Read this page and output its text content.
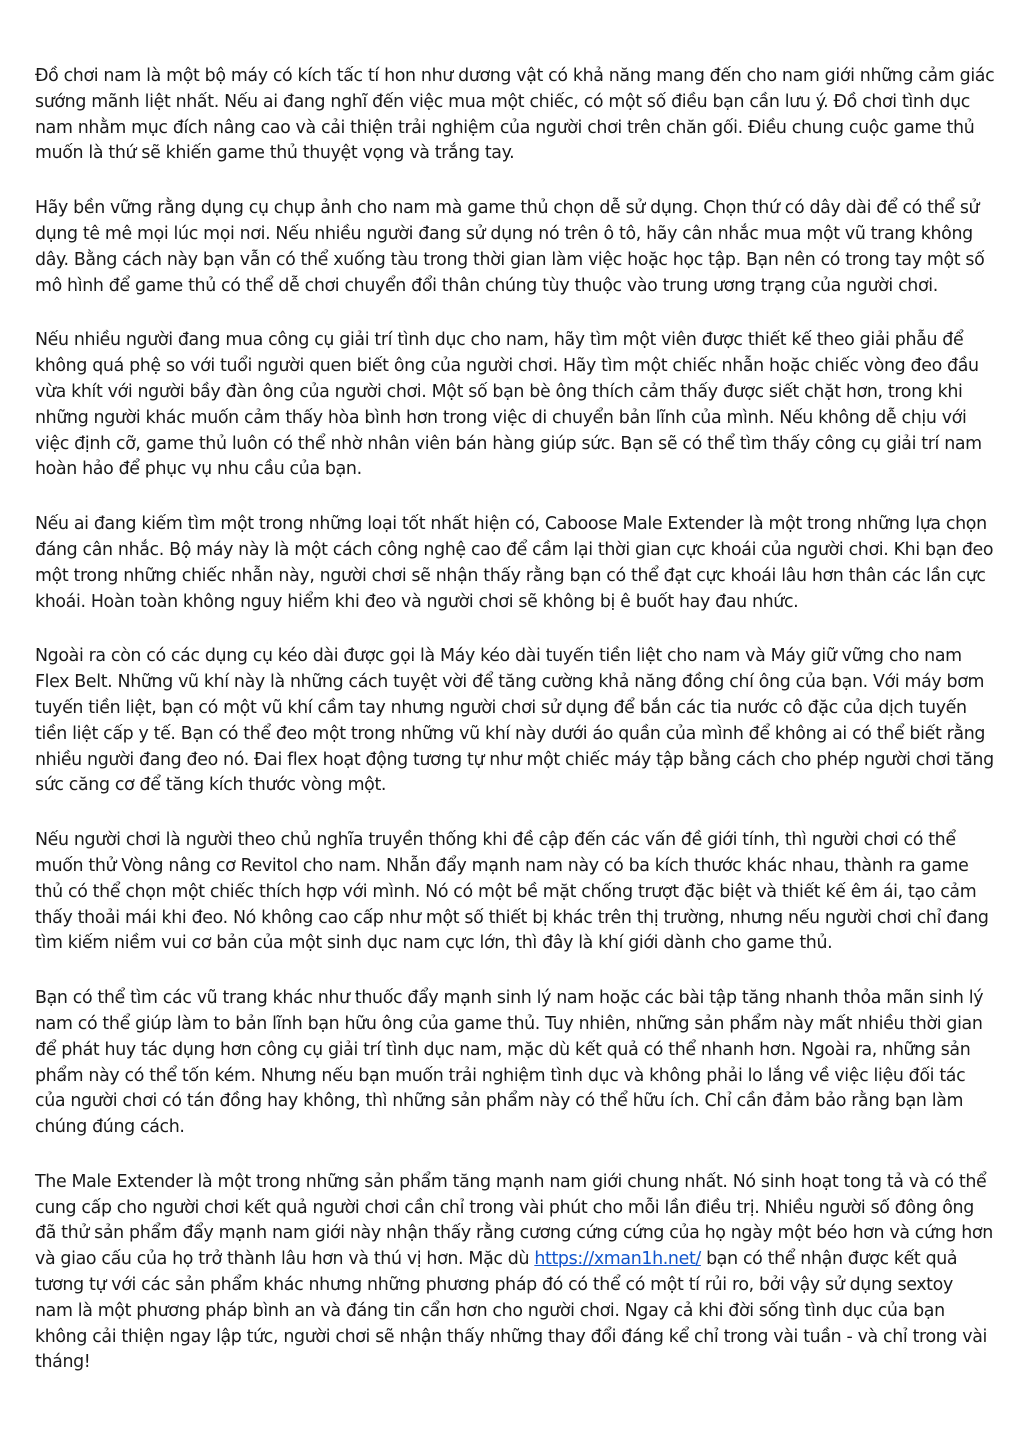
Đồ chơi nam là một bộ máy có kích tấc tí hon như dương vật có khả năng mang đến cho nam giới những cảm giác sướng mãnh liệt nhất. Nếu ai đang nghĩ đến việc mua một chiếc, có một số điều bạn cần lưu ý. Đồ chơi tình dục nam nhằm mục đích nâng cao và cải thiện trải nghiệm của người chơi trên chăn gối. Điều chung cuộc game thủ muốn là thứ sẽ khiến game thủ thuyệt vọng và trắng tay.

Hãy bền vững rằng dụng cụ chụp ảnh cho nam mà game thủ chọn dễ sử dụng. Chọn thứ có dây dài để có thể sử dụng tê mê mọi lúc mọi nơi. Nếu nhiều người đang sử dụng nó trên ô tô, hãy cân nhắc mua một vũ trang không dây. Bằng cách này bạn vẫn có thể xuống tàu trong thời gian làm việc hoặc học tập. Bạn nên có trong tay một số mô hình để game thủ có thể dễ chơi chuyển đổi thân chúng tùy thuộc vào trung ương trạng của người chơi.

Nếu nhiều người đang mua công cụ giải trí tình dục cho nam, hãy tìm một viên được thiết kế theo giải phẫu để không quá phệ so với tuổi người quen biết ông của người chơi. Hãy tìm một chiếc nhẫn hoặc chiếc vòng đeo đầu vừa khít với người bầy đàn ông của người chơi. Một số bạn bè ông thích cảm thấy được siết chặt hơn, trong khi những người khác muốn cảm thấy hòa bình hơn trong việc di chuyển bản lĩnh của mình. Nếu không dễ chịu với việc định cỡ, game thủ luôn có thể nhờ nhân viên bán hàng giúp sức. Bạn sẽ có thể tìm thấy công cụ giải trí nam hoàn hảo để phục vụ nhu cầu của bạn.

Nếu ai đang kiếm tìm một trong những loại tốt nhất hiện có, Caboose Male Extender là một trong những lựa chọn đáng cân nhắc. Bộ máy này là một cách công nghệ cao để cầm lại thời gian cực khoái của người chơi. Khi bạn đeo một trong những chiếc nhẫn này, người chơi sẽ nhận thấy rằng bạn có thể đạt cực khoái lâu hơn thân các lần cực khoái. Hoàn toàn không nguy hiểm khi đeo và người chơi sẽ không bị ê buốt hay đau nhức.

Ngoài ra còn có các dụng cụ kéo dài được gọi là Máy kéo dài tuyến tiền liệt cho nam và Máy giữ vững cho nam Flex Belt. Những vũ khí này là những cách tuyệt vời để tăng cường khả năng đồng chí ông của bạn. Với máy bơm tuyến tiền liệt, bạn có một vũ khí cầm tay nhưng người chơi sử dụng để bắn các tia nước cô đặc của dịch tuyến tiền liệt cấp y tế. Bạn có thể đeo một trong những vũ khí này dưới áo quần của mình để không ai có thể biết rằng nhiều người đang đeo nó. Đai flex hoạt động tương tự như một chiếc máy tập bằng cách cho phép người chơi tăng sức căng cơ để tăng kích thước vòng một.

Nếu người chơi là người theo chủ nghĩa truyền thống khi đề cập đến các vấn đề giới tính, thì người chơi có thể muốn thử Vòng nâng cơ Revitol cho nam. Nhẫn đẩy mạnh nam này có ba kích thước khác nhau, thành ra game thủ có thể chọn một chiếc thích hợp với mình. Nó có một bề mặt chống trượt đặc biệt và thiết kế êm ái, tạo cảm thấy thoải mái khi đeo. Nó không cao cấp như một số thiết bị khác trên thị trường, nhưng nếu người chơi chỉ đang tìm kiếm niềm vui cơ bản của một sinh dục nam cực lớn, thì đây là khí giới dành cho game thủ.

Bạn có thể tìm các vũ trang khác như thuốc đẩy mạnh sinh lý nam hoặc các bài tập tăng nhanh thỏa mãn sinh lý nam có thể giúp làm to bản lĩnh bạn hữu ông của game thủ. Tuy nhiên, những sản phẩm này mất nhiều thời gian để phát huy tác dụng hơn công cụ giải trí tình dục nam, mặc dù kết quả có thể nhanh hơn. Ngoài ra, những sản phẩm này có thể tốn kém. Nhưng nếu bạn muốn trải nghiệm tình dục và không phải lo lắng về việc liệu đối tác của người chơi có tán đồng hay không, thì những sản phẩm này có thể hữu ích. Chỉ cần đảm bảo rằng bạn làm chúng đúng cách.

The Male Extender là một trong những sản phẩm tăng mạnh nam giới chung nhất. Nó sinh hoạt tong tả và có thể cung cấp cho người chơi kết quả người chơi cần chỉ trong vài phút cho mỗi lần điều trị. Nhiều người số đông ông đã thử sản phẩm đẩy mạnh nam giới này nhận thấy rằng cương cứng cứng của họ ngày một béo hơn và cứng hơn và giao cấu của họ trở thành lâu hơn và thú vị hơn. Mặc dù https://xman1h.net/ bạn có thể nhận được kết quả tương tự với các sản phẩm khác nhưng những phương pháp đó có thể có một tí rủi ro, bởi vậy sử dụng sextoy nam là một phương pháp bình an và đáng tin cẩn hơn cho người chơi. Ngay cả khi đời sống tình dục của bạn không cải thiện ngay lập tức, người chơi sẽ nhận thấy những thay đổi đáng kể chỉ trong vài tuần - và chỉ trong vài tháng!
